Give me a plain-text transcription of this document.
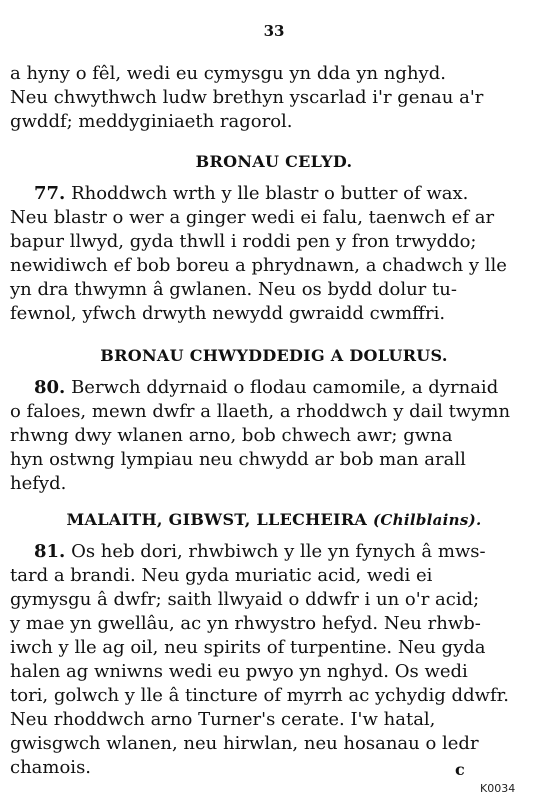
33
a hyny o fêl, wedi eu cymysgu yn dda yn nghyd.
Neu chwythwch ludw brethyn yscarlad i'r genau a'r
gwddf; meddyginiaeth ragorol.
BRONAU CELYD.
77. Rhoddwch wrth y lle blastr o butter of wax.
Neu blastr o wer a ginger wedi ei falu, taenwch ef ar
bapur llwyd, gyda thwll i roddi pen y fron trwyddo;
newidiwch ef bob boreu a phrydnawn, a chadwch y lle
yn dra thwymn â gwlanen. Neu os bydd dolur tu-
fewnol, yfwch drwyth newydd gwraidd cwmffri.
BRONAU CHWYDDEDIG A DOLURUS.
80. Berwch ddyrnaid o flodau camomile, a dyrnaid
o faloes, mewn dwfr a llaeth, a rhoddwch y dail twymn
rhwng dwy wlanen arno, bob chwech awr; gwna
hyn ostwng lympiau neu chwydd ar bob man arall
hefyd.
MALAITH, GIBWST, LLECHEIRA (Chilblains).
81. Os heb dori, rhwbiwch y lle yn fynych â mws-
tard a brandi. Neu gyda muriatic acid, wedi ei
gymysgu â dwfr; saith llwyaid o ddwfr i un o'r acid;
y mae yn gwellâu, ac yn rhwystro hefyd. Neu rhwb-
iwch y lle ag oil, neu spirits of turpentine. Neu gyda
halen ag wniwns wedi eu pwyo yn nghyd. Os wedi
tori, golwch y lle â tincture of myrrh ac ychydig ddwfr.
Neu rhoddwch arno Turner's cerate. I'w hatal,
gwisgwch wlanen, neu hirwlan, neu hosanau o ledr
chamois.	c
K0034
